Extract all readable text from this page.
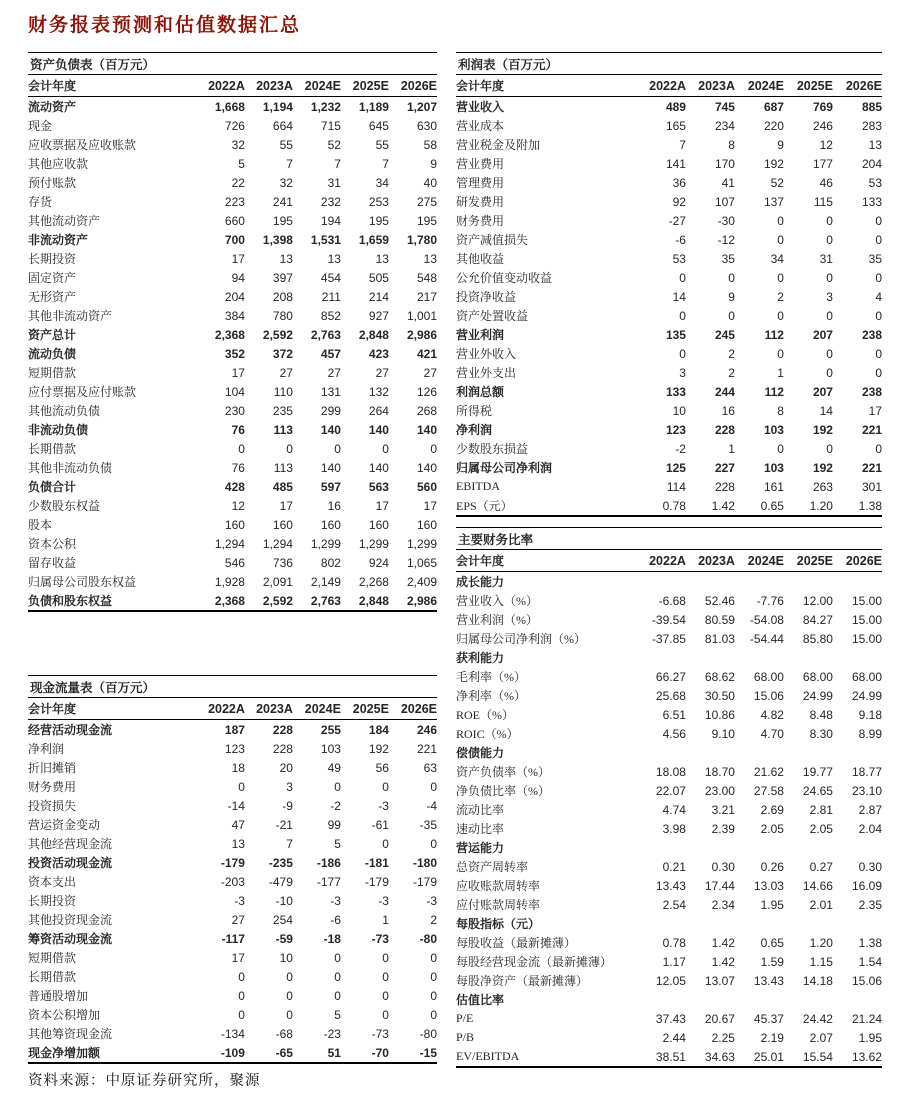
财务报表预测和估值数据汇总
资产负债表（百万元）					
会计年度	2022A	2023A	2024E	2025E	2026E
流动资产	1,668	1,194	1,232	1,189	1,207
现金	726	664	715	645	630
应收票据及应收账款	32	55	52	55	58
其他应收款	5	7	7	7	9
预付账款	22	32	31	34	40
存货	223	241	232	253	275
其他流动资产	660	195	194	195	195
非流动资产	700	1,398	1,531	1,659	1,780
长期投资	17	13	13	13	13
固定资产	94	397	454	505	548
无形资产	204	208	211	214	217
其他非流动资产	384	780	852	927	1,001
资产总计	2,368	2,592	2,763	2,848	2,986
流动负债	352	372	457	423	421
短期借款	17	27	27	27	27
应付票据及应付账款	104	110	131	132	126
其他流动负债	230	235	299	264	268
非流动负债	76	113	140	140	140
长期借款	0	0	0	0	0
其他非流动负债	76	113	140	140	140
负债合计	428	485	597	563	560
少数股东权益	12	17	16	17	17
股本	160	160	160	160	160
资本公积	1,294	1,294	1,299	1,299	1,299
留存收益	546	736	802	924	1,065
归属母公司股东权益	1,928	2,091	2,149	2,268	2,409
负债和股东权益	2,368	2,592	2,763	2,848	2,986
现金流量表（百万元）					
会计年度	2022A	2023A	2024E	2025E	2026E
经营活动现金流	187	228	255	184	246
净利润	123	228	103	192	221
折旧摊销	18	20	49	56	63
财务费用	0	3	0	0	0
投资损失	-14	-9	-2	-3	-4
营运资金变动	47	-21	99	-61	-35
其他经营现金流	13	7	5	0	0
投资活动现金流	-179	-235	-186	-181	-180
资本支出	-203	-479	-177	-179	-179
长期投资	-3	-10	-3	-3	-3
其他投资现金流	27	254	-6	1	2
筹资活动现金流	-117	-59	-18	-73	-80
短期借款	17	10	0	0	0
长期借款	0	0	0	0	0
普通股增加	0	0	0	0	0
资本公积增加	0	0	5	0	0
其他筹资现金流	-134	-68	-23	-73	-80
现金净增加额	-109	-65	51	-70	-15
资料来源：中原证券研究所，聚源
利润表（百万元）					
会计年度	2022A	2023A	2024E	2025E	2026E
营业收入	489	745	687	769	885
营业成本	165	234	220	246	283
营业税金及附加	7	8	9	12	13
营业费用	141	170	192	177	204
管理费用	36	41	52	46	53
研发费用	92	107	137	115	133
财务费用	-27	-30	0	0	0
资产减值损失	-6	-12	0	0	0
其他收益	53	35	34	31	35
公允价值变动收益	0	0	0	0	0
投资净收益	14	9	2	3	4
资产处置收益	0	0	0	0	0
营业利润	135	245	112	207	238
营业外收入	0	2	0	0	0
营业外支出	3	2	1	0	0
利润总额	133	244	112	207	238
所得税	10	16	8	14	17
净利润	123	228	103	192	221
少数股东损益	-2	1	0	0	0
归属母公司净利润	125	227	103	192	221
EBITDA	114	228	161	263	301
EPS（元）	0.78	1.42	0.65	1.20	1.38
主要财务比率					
会计年度	2022A	2023A	2024E	2025E	2026E
成长能力					
营业收入（%）	-6.68	52.46	-7.76	12.00	15.00
营业利润（%）	-39.54	80.59	-54.08	84.27	15.00
归属母公司净利润（%）	-37.85	81.03	-54.44	85.80	15.00
获利能力					
毛利率（%）	66.27	68.62	68.00	68.00	68.00
净利率（%）	25.68	30.50	15.06	24.99	24.99
ROE（%）	6.51	10.86	4.82	8.48	9.18
ROIC（%）	4.56	9.10	4.70	8.30	8.99
偿债能力					
资产负债率（%）	18.08	18.70	21.62	19.77	18.77
净负债比率（%）	22.07	23.00	27.58	24.65	23.10
流动比率	4.74	3.21	2.69	2.81	2.87
速动比率	3.98	2.39	2.05	2.05	2.04
营运能力					
总资产周转率	0.21	0.30	0.26	0.27	0.30
应收账款周转率	13.43	17.44	13.03	14.66	16.09
应付账款周转率	2.54	2.34	1.95	2.01	2.35
每股指标（元）					
每股收益（最新摊薄）	0.78	1.42	0.65	1.20	1.38
每股经营现金流（最新摊薄）	1.17	1.42	1.59	1.15	1.54
每股净资产（最新摊薄）	12.05	13.07	13.43	14.18	15.06
估值比率					
P/E	37.43	20.67	45.37	24.42	21.24
P/B	2.44	2.25	2.19	2.07	1.95
EV/EBITDA	38.51	34.63	25.01	15.54	13.62
